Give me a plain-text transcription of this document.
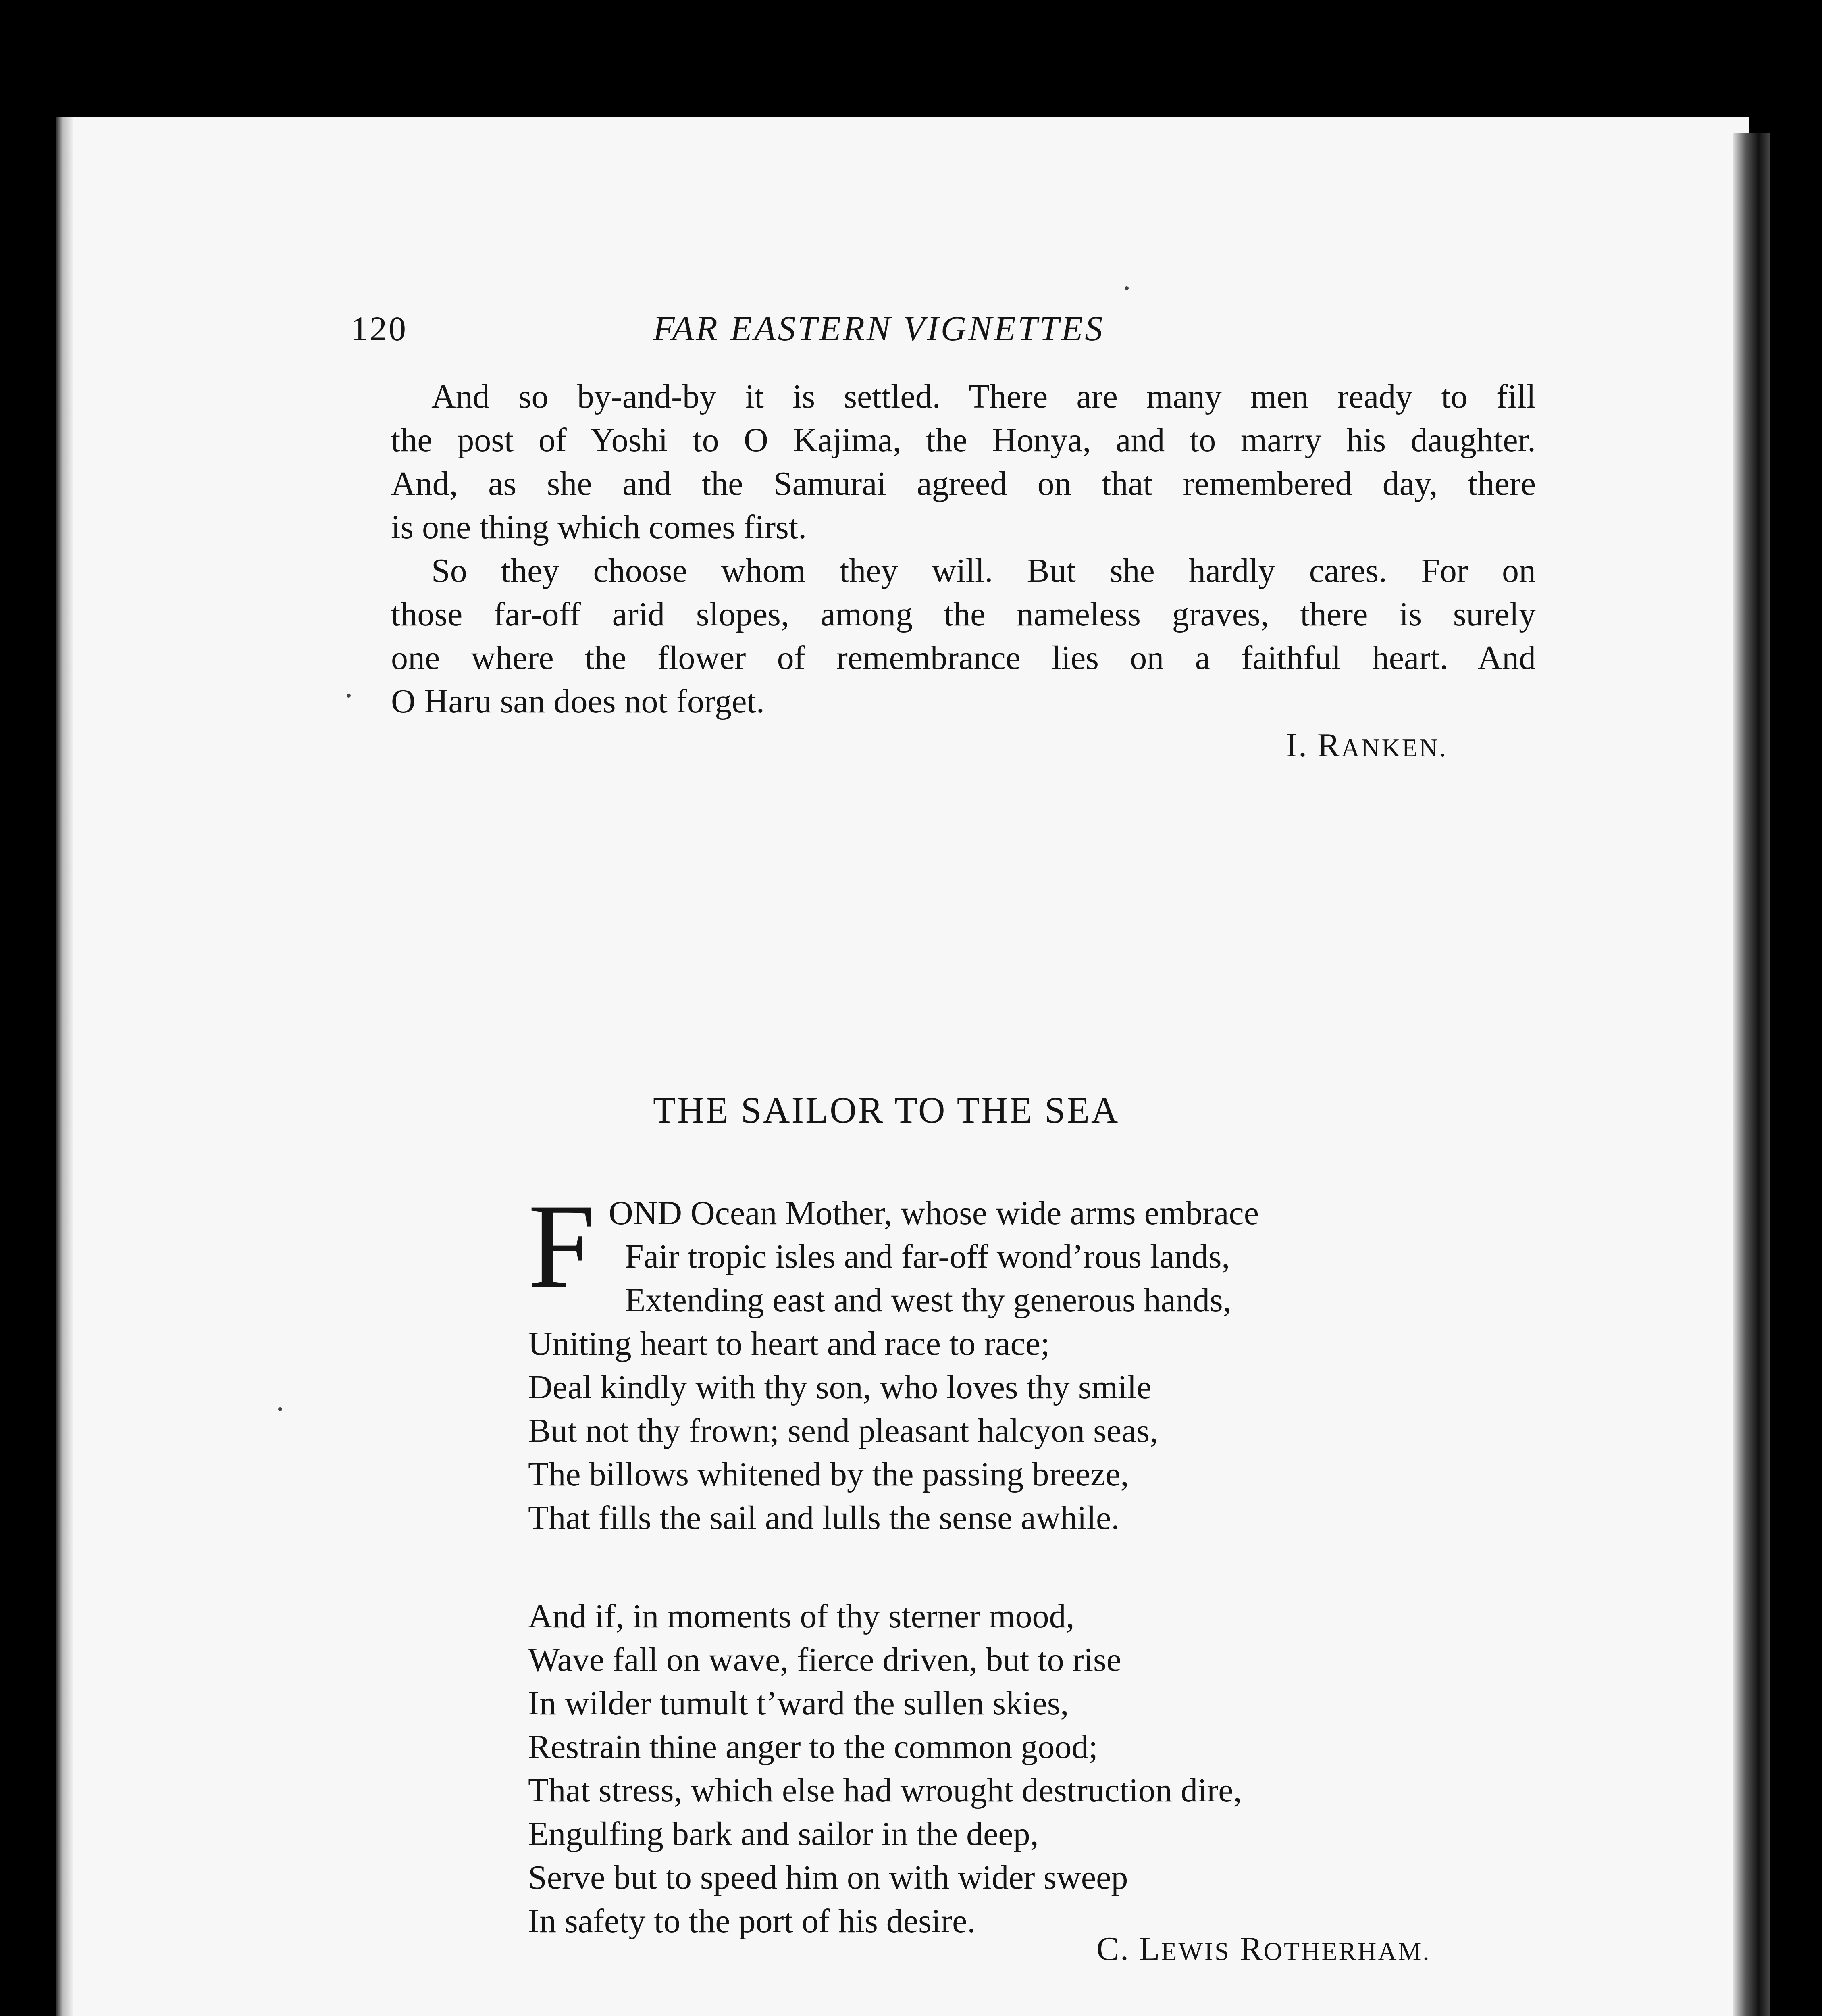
120	FAR EASTERN VIGNETTES

And so by-and-by it is settled. There are many men ready to fill
the post of Yoshi to O Kajima, the Honya, and to marry his daughter.
And, as she and the Samurai agreed on that remembered day, there
is one thing which comes first.

So they choose whom they will. But she hardly cares. For on
those far-off arid slopes, among the nameless graves, there is surely
one where the flower of remembrance lies on a faithful heart. And
O Haru san does not forget.

I. RANKEN.
THE SAILOR TO THE SEA
F OND Ocean Mother, whose wide arms embrace
Fair tropic isles and far-off wond’rous lands,
Extending east and west thy generous hands,
Uniting heart to heart and race to race;
Deal kindly with thy son, who loves thy smile
But not thy frown; send pleasant halcyon seas,
The billows whitened by the passing breeze,
That fills the sail and lulls the sense awhile.
And if, in moments of thy sterner mood,
Wave fall on wave, fierce driven, but to rise
In wilder tumult t’ward the sullen skies,
Restrain thine anger to the common good;
That stress, which else had wrought destruction dire,
Engulfing bark and sailor in the deep,
Serve but to speed him on with wider sweep
In safety to the port of his desire.
C. LEWIS ROTHERHAM.
